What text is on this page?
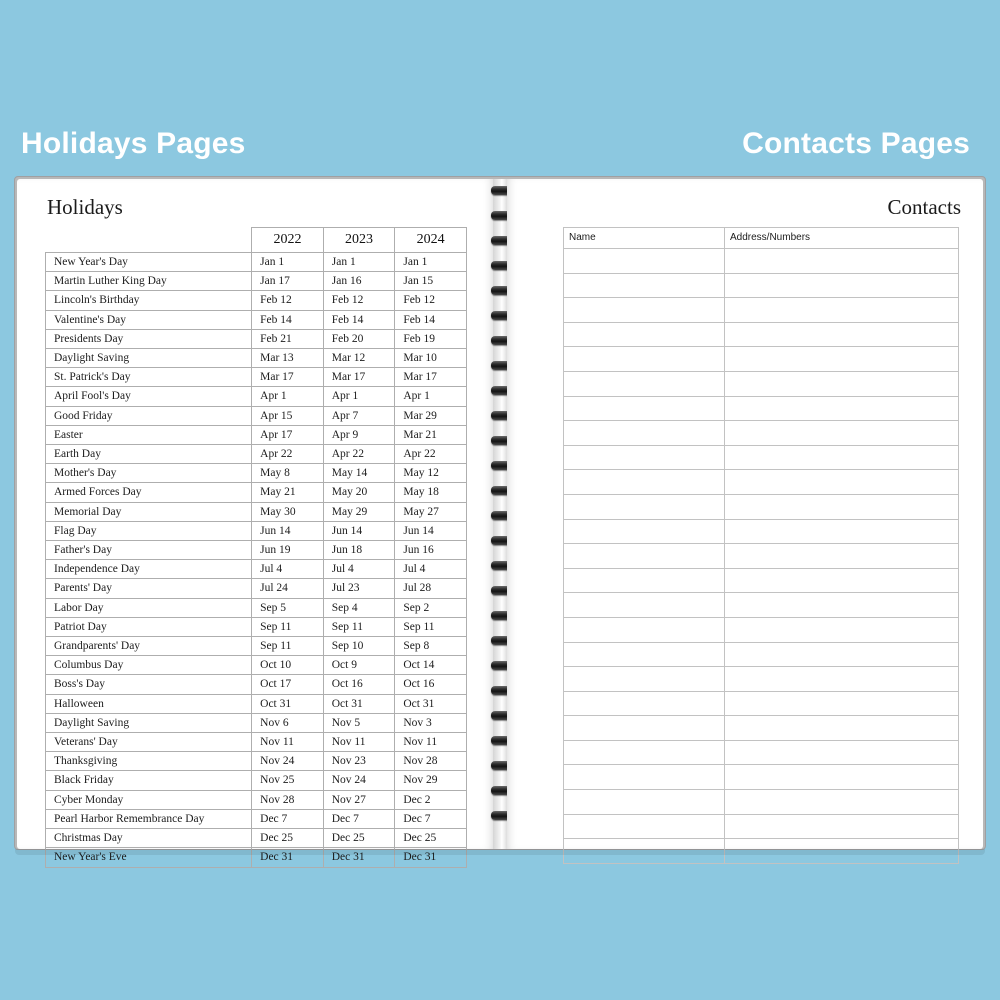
Holidays Pages	Contacts Pages
Holidays
	2022	2023	2024
New Year's Day	Jan 1	Jan 1	Jan 1
Martin Luther King Day	Jan 17	Jan 16	Jan 15
Lincoln's Birthday	Feb 12	Feb 12	Feb 12
Valentine's Day	Feb 14	Feb 14	Feb 14
Presidents Day	Feb 21	Feb 20	Feb 19
Daylight Saving	Mar 13	Mar 12	Mar 10
St. Patrick's Day	Mar 17	Mar 17	Mar 17
April Fool's Day	Apr 1	Apr 1	Apr 1
Good Friday	Apr 15	Apr 7	Mar 29
Easter	Apr 17	Apr 9	Mar 21
Earth Day	Apr 22	Apr 22	Apr 22
Mother's Day	May 8	May 14	May 12
Armed Forces Day	May 21	May 20	May 18
Memorial Day	May 30	May 29	May 27
Flag Day	Jun 14	Jun 14	Jun 14
Father's Day	Jun 19	Jun 18	Jun 16
Independence Day	Jul 4	Jul 4	Jul 4
Parents' Day	Jul 24	Jul 23	Jul 28
Labor Day	Sep 5	Sep 4	Sep 2
Patriot Day	Sep 11	Sep 11	Sep 11
Grandparents' Day	Sep 11	Sep 10	Sep 8
Columbus Day	Oct 10	Oct 9	Oct 14
Boss's Day	Oct 17	Oct 16	Oct 16
Halloween	Oct 31	Oct 31	Oct 31
Daylight Saving	Nov 6	Nov 5	Nov 3
Veterans' Day	Nov 11	Nov 11	Nov 11
Thanksgiving	Nov 24	Nov 23	Nov 28
Black Friday	Nov 25	Nov 24	Nov 29
Cyber Monday	Nov 28	Nov 27	Dec 2
Pearl Harbor Remembrance Day	Dec 7	Dec 7	Dec 7
Christmas Day	Dec 25	Dec 25	Dec 25
New Year's Eve	Dec 31	Dec 31	Dec 31
Contacts
Name	Address/Numbers
